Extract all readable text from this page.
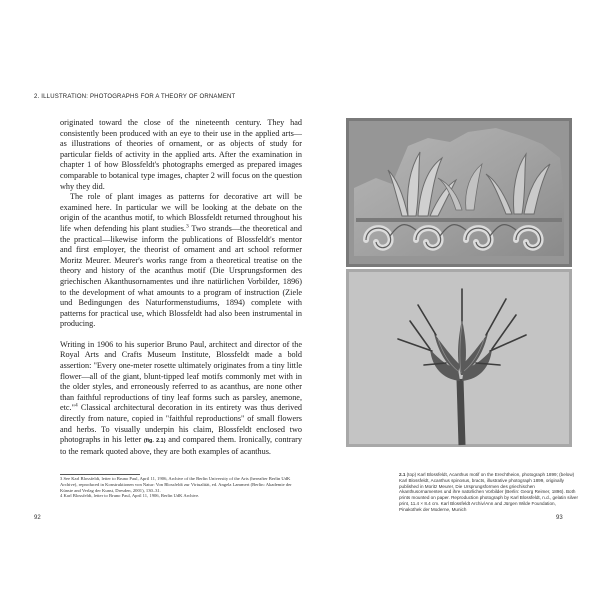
2. ILLUSTRATION: PHOTOGRAPHS FOR A THEORY OF ORNAMENT

originated toward the close of the nineteenth century. They had consistently been produced with an eye to their use in the applied arts—as illustrations of theories of ornament, or as objects of study for particular fields of activity in the applied arts. After the examination in chapter 1 of how Blossfeldt's photographs emerged as prepared images comparable to botanical type images, chapter 2 will focus on the question why they did.

The role of plant images as patterns for decorative art will be examined here. In particular we will be looking at the debate on the origin of the acanthus motif, to which Blossfeldt returned throughout his life when defending his plant studies.$^3$ Two strands—the theoretical and the practical—likewise inform the publications of Blossfeldt's mentor and first employer, the theorist of ornament and art school reformer Moritz Meurer. Meurer's works range from a theoretical treatise on the theory and history of the acanthus motif (Die Ursprungsformen des griechischen Akanthusornamentes und ihre natürlichen Vorbilder, 1896) to the development of what amounts to a program of instruction (Ziele und Bedingungen des Naturformenstudiums, 1894) complete with patterns for practical use, which Blossfeldt had also been instrumental in producing.

Writing in 1906 to his superior Bruno Paul, architect and director of the Royal Arts and Crafts Museum Institute, Blossfeldt made a bold assertion: "Every one-meter rosette ultimately originates from a tiny little flower—all of the giant, blunt-tipped leaf motifs commonly met with in the older styles, and erroneously referred to as acanthus, are none other than faithful reproductions of tiny leaf forms such as parsley, anemone, etc."$^4$ Classical architectural decoration in its entirety was thus derived directly from nature, copied in "faithful reproductions" of small flowers and herbs. To visually underpin his claim, Blossfeldt enclosed two photographs in his letter (fig. 2.1) and compared them. Ironically, contrary to the remark quoted above, they are both examples of acanthus.

3 See Karl Blossfeldt, letter to Bruno Paul, April 11, 1906, Archive of the Berlin University of the Arts (hereafter Berlin UdK Archive), reproduced in Konstruktionen von Natur: Von Blossfeldt zur Virtualität, ed. Angela Lammert (Berlin: Akademie der Künste and Verlag der Kunst, Dresden, 2001), 130–31.
4 Karl Blossfeldt, letter to Bruno Paul, April 11, 1906, Berlin UdK Archive.
92	93
2.1 (top) Karl Blossfeldt, Acanthus motif on the Erechtheion, photograph 1899; (below) Karl Blossfeldt, Acanthus spinosus, bracts, illustrative photograph 1899, originally published in Moritz Meurer, Die Ursprungsformen des griechischen Akanthusornamentes und ihre natürlichen Vorbilder (Berlin: Georg Reimer, 1896). Both prints mounted on paper. Reproduction photograph by Karl Blossfeldt, n.d., gelatin silver print, 11.4 × 8.4 cm. Karl Blossfeldt Archiv/Ann and Jürgen Wilde Foundation, Pinakothek der Moderne, Munich
